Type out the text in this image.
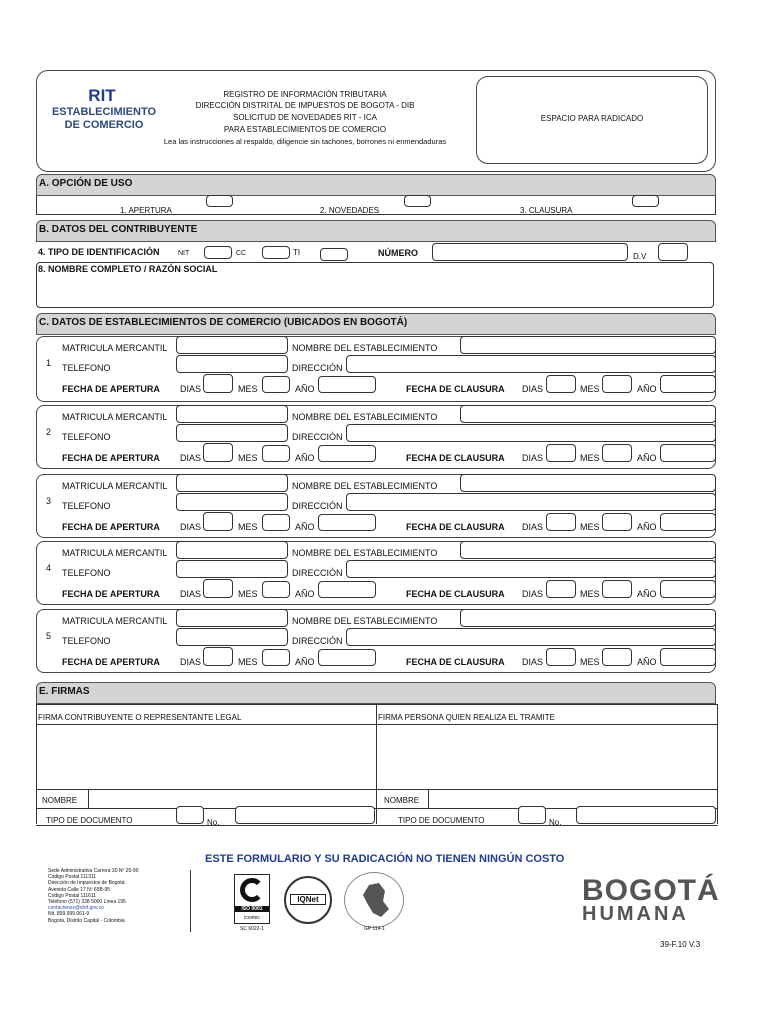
RIT
ESTABLECIMIENTO
DE COMERCIO
REGISTRO DE INFORMACIÓN TRIBUTARIA
DIRECCIÓN DISTRITAL DE IMPUESTOS DE BOGOTA - DIB
SOLICITUD DE NOVEDADES RIT - ICA
PARA ESTABLECIMIENTOS DE COMERCIO
Lea las instrucciones al respaldo, diligencie sin tachones, borrones ni enmendaduras
ESPACIO PARA RADICADO
A. OPCIÓN DE USO
1. APERTURA	2. NOVEDADES	3. CLAUSURA
B. DATOS DEL CONTRIBUYENTE
4. TIPO DE IDENTIFICACIÓN	NIT	CC	TI	NÚMERO	D.V
8. NOMBRE COMPLETO / RAZÓN SOCIAL
C. DATOS DE ESTABLECIMIENTOS DE COMERCIO (UBICADOS EN BOGOTÁ)
1
MATRICULA MERCANTIL	NOMBRE DEL ESTABLECIMIENTO
TELEFONO	DIRECCIÓN
FECHA DE APERTURA DIAS	MES	AÑO	FECHA DE CLAUSURA DIAS	MES	AÑO
2
MATRICULA MERCANTIL	NOMBRE DEL ESTABLECIMIENTO
TELEFONO	DIRECCIÓN
FECHA DE APERTURA DIAS	MES	AÑO	FECHA DE CLAUSURA DIAS	MES	AÑO
3
MATRICULA MERCANTIL	NOMBRE DEL ESTABLECIMIENTO
TELEFONO	DIRECCIÓN
FECHA DE APERTURA DIAS	MES	AÑO	FECHA DE CLAUSURA DIAS	MES	AÑO
4
MATRICULA MERCANTIL	NOMBRE DEL ESTABLECIMIENTO
TELEFONO	DIRECCIÓN
FECHA DE APERTURA DIAS	MES	AÑO	FECHA DE CLAUSURA DIAS	MES	AÑO
5
MATRICULA MERCANTIL	NOMBRE DEL ESTABLECIMIENTO
TELEFONO	DIRECCIÓN
FECHA DE APERTURA DIAS	MES	AÑO	FECHA DE CLAUSURA DIAS	MES	AÑO
E. FIRMAS
FIRMA CONTRIBUYENTE O REPRESENTANTE LEGAL	FIRMA PERSONA QUIEN REALIZA EL TRAMITE
NOMBRE	NOMBRE
TIPO DE DOCUMENTO	No.	TIPO DE DOCUMENTO	No.
ESTE FORMULARIO Y SU RADICACIÓN NO TIENEN NINGÚN COSTO
Sede Administrativa Carrera 30 Nº 25-90
Código Postal 111311
Dirección de Impuestos de Bogotá:
Avenida Calle 17 Nº 65B-95
Código Postal 111611
Teléfono (571) 338 5000 Línea 195
contactenos@shd.gov.co
Nit. 899.999.061-9
Bogotá, Distrito Capital - Colombia
ISO 9001
icontec
SC 6022-1
IQNet
GP 114-1
BOGOTÁ
HUMANA
39-F.10 V.3
